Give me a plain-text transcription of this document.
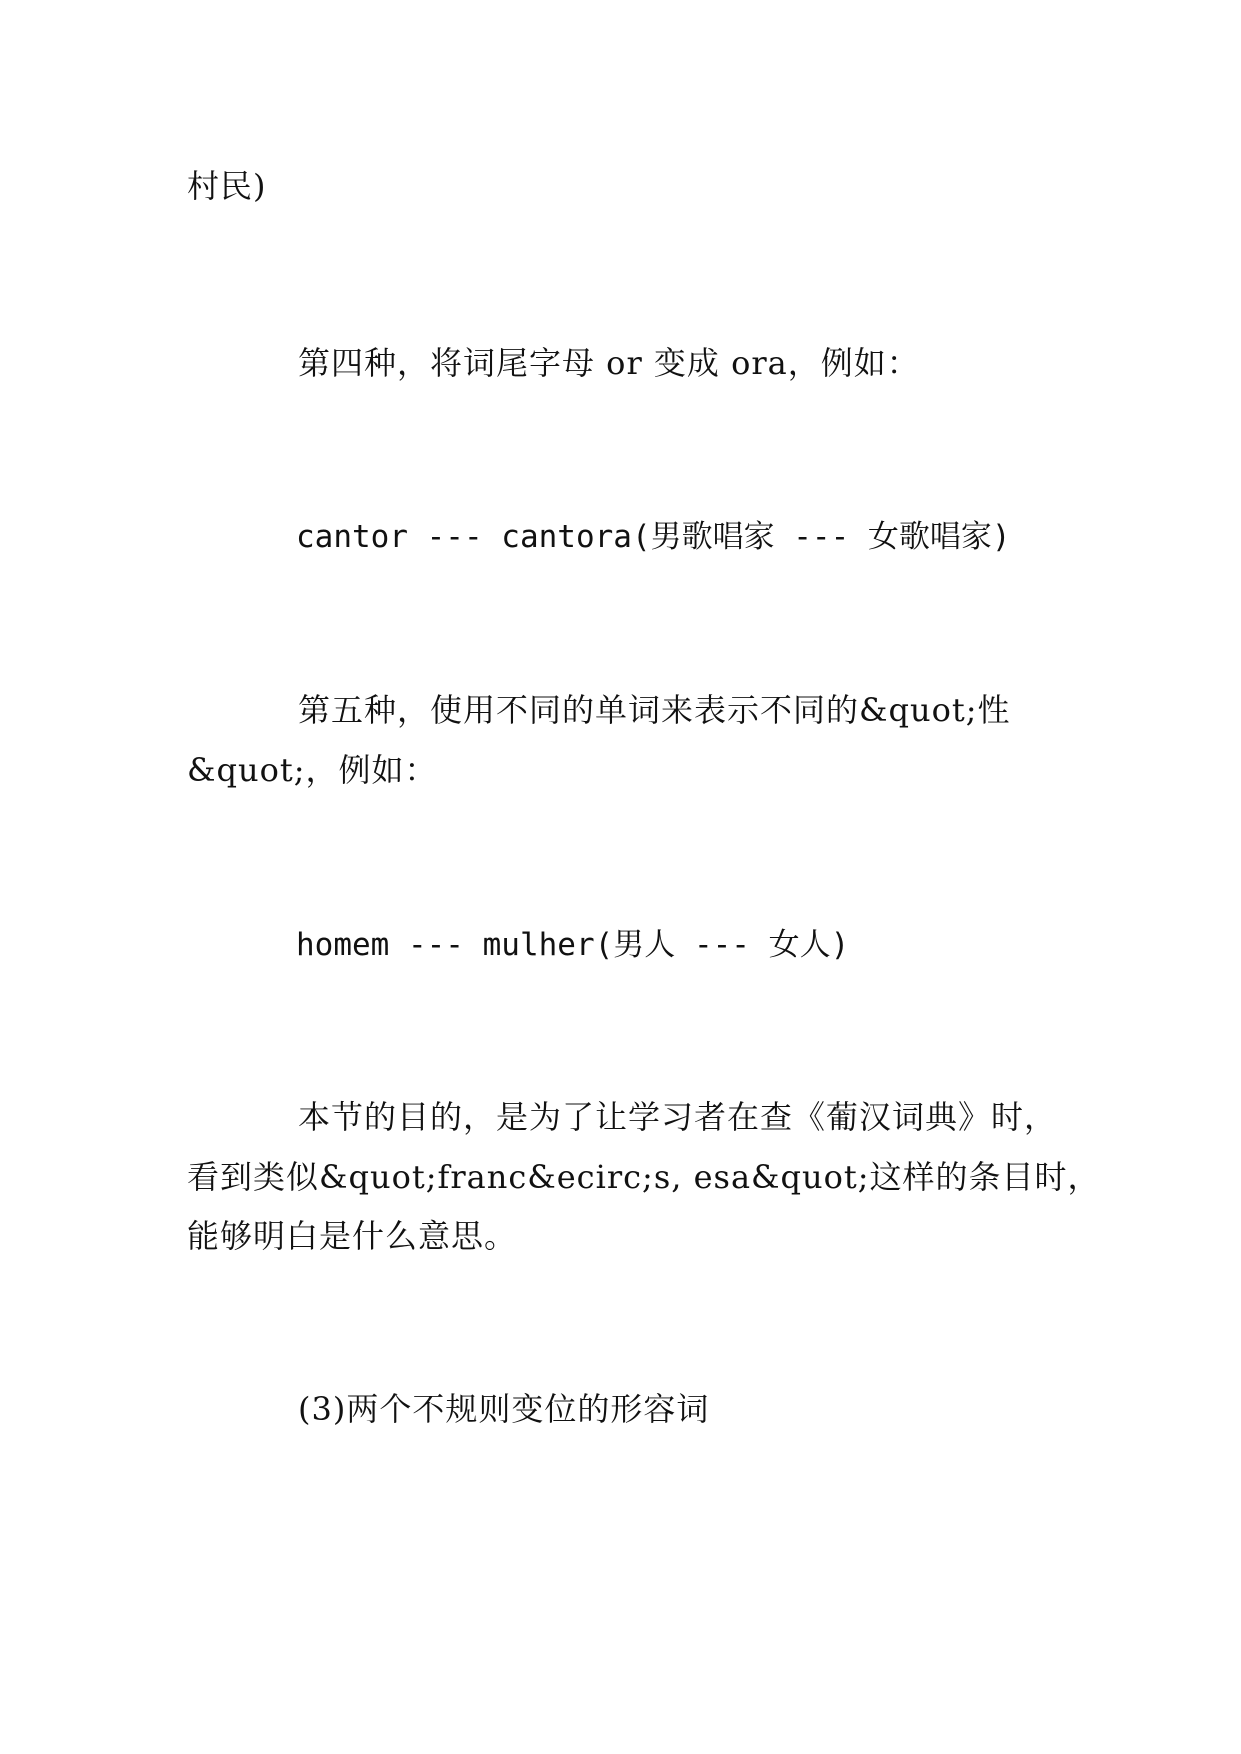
村民)

第四种，将词尾字母 or 变成 ora，例如：

cantor --- cantora(男歌唱家 --- 女歌唱家)

第五种，使用不同的单词来表示不同的&quot;性

&quot;，例如：

homem --- mulher(男人 --- 女人)

本节的目的，是为了让学习者在查《葡汉词典》时，

看到类似&quot;franc&ecirc;s, esa&quot;这样的条目时，

能够明白是什么意思。

(3)两个不规则变位的形容词
